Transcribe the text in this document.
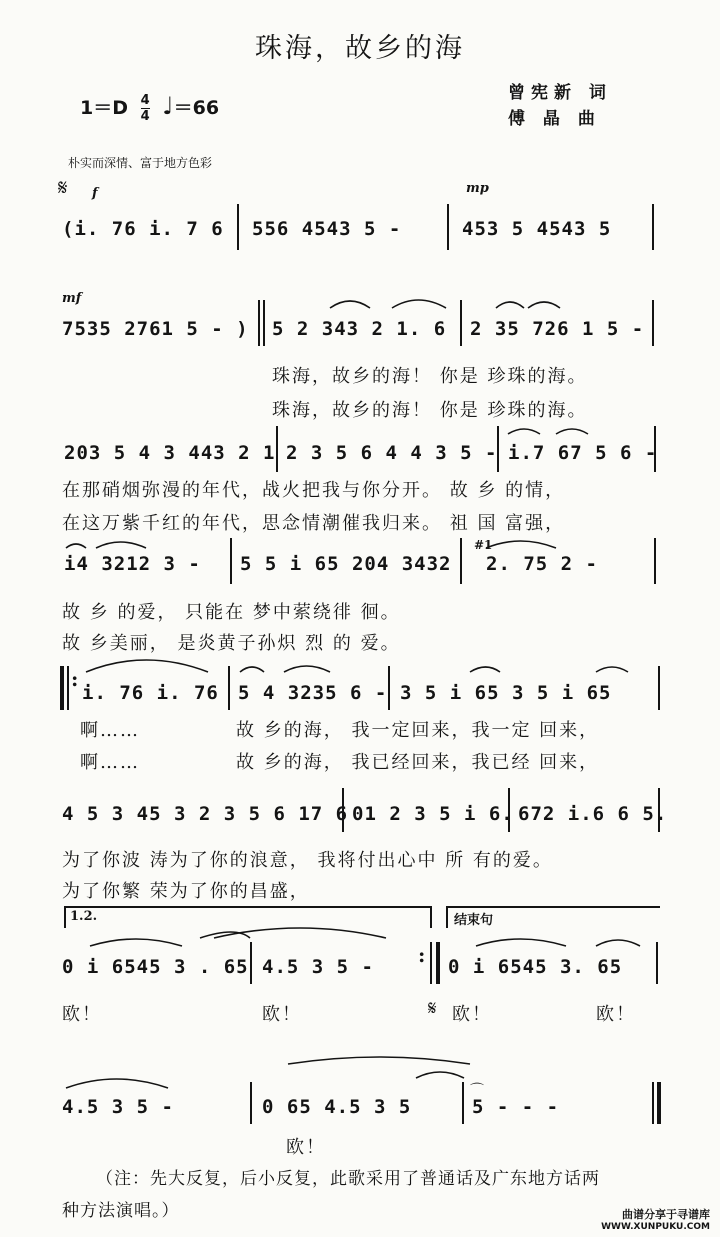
珠海，故乡的海
曾宪新 词
傅 晶 曲
$1=D \frac{4}{4}$ ♩＝66
朴实而深情、富于地方色彩
𝄋 f	mp
(i. 76 i. 7 6 556 4543 5 -	453 5 4543 5
mf
7535 2761 5 - ) 5 2 343 2 1. 6 2 35 726 1 5 -
珠海，故乡的海！ 你是 珍珠的海。
珠海，故乡的海！ 你是 珍珠的海。
203 5 4 3 443 2 1 2 3 5 6 4 4 3 5 - i.7 67 5 6 -
在那硝烟弥漫的年代，战火把我与你分开。 故 乡 的情，
在这万紫千红的年代，思念情潮催我归来。 祖 国 富强，
i4 3212 3 - 5 5 i 65 204 3432
#1
2. 75 2 -
故 乡 的爱， 只能在 梦中萦绕徘 徊。
故 乡美丽， 是炎黄子孙炽 烈 的 爱。
:
i. 76 i. 76 5 4 3235 6 - 3 5 i 65 3 5 i 65
啊……	故 乡的海， 我一定回来，我一定 回来，
啊……	故 乡的海， 我已经回来，我已经 回来，
4 5 3 45 3 2 3 5 6 17 6 01 2 3 5 i 6. 672 i.6 6 5.
为了你波 涛为了你的浪意， 我将付出心中 所 有的爱。
为了你繁 荣为了你的昌盛，
1.2.	结束句
0 i 6545 3 . 65 4.5 3 5 - : 0 i 6545 3. 65
欧！	欧！	𝄋 欧！	欧！
4.5 3 5 -	0 65 4.5 3 5
⌒
5 - - -
欧！
（注：先大反复，后小反复，此歌采用了普通话及广东地方话两
种方法演唱。）	曲谱分享于寻谱库
WWW.XUNPUKU.COM
